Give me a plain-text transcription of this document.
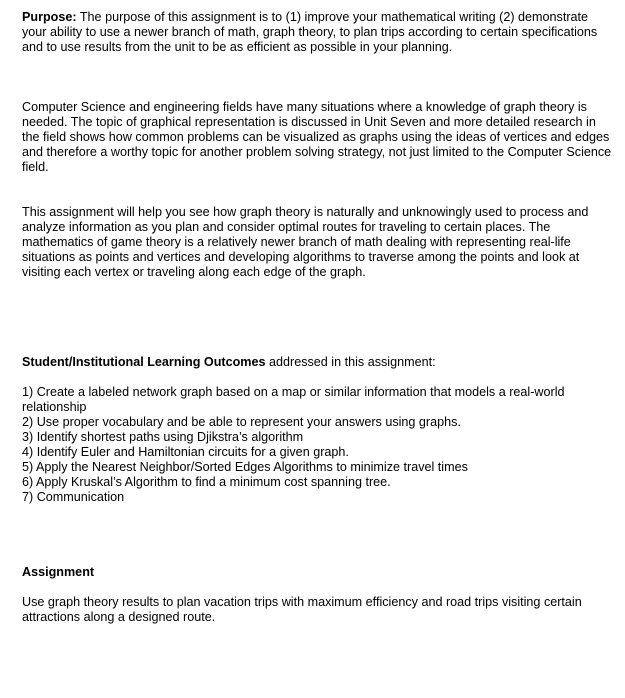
Purpose: The purpose of this assignment is to (1) improve your mathematical writing (2) demonstrate your ability to use a newer branch of math, graph theory, to plan trips according to certain specifications and to use results from the unit to be as efficient as possible in your planning.

Computer Science and engineering fields have many situations where a knowledge of graph theory is needed. The topic of graphical representation is discussed in Unit Seven and more detailed research in the field shows how common problems can be visualized as graphs using the ideas of vertices and edges and therefore a worthy topic for another problem solving strategy, not just limited to the Computer Science field.

This assignment will help you see how graph theory is naturally and unknowingly used to process and analyze information as you plan and consider optimal routes for traveling to certain places. The mathematics of game theory is a relatively newer branch of math dealing with representing real-life situations as points and vertices and developing algorithms to traverse among the points and look at visiting each vertex or traveling along each edge of the graph.

Student/Institutional Learning Outcomes addressed in this assignment:

1) Create a labeled network graph based on a map or similar information that models a real-world relationship
2) Use proper vocabulary and be able to represent your answers using graphs.
3) Identify shortest paths using Djikstra’s algorithm
4) Identify Euler and Hamiltonian circuits for a given graph.
5) Apply the Nearest Neighbor/Sorted Edges Algorithms to minimize travel times
6) Apply Kruskal’s Algorithm to find a minimum cost spanning tree.
7) Communication

Assignment

Use graph theory results to plan vacation trips with maximum efficiency and road trips visiting certain attractions along a designed route.
